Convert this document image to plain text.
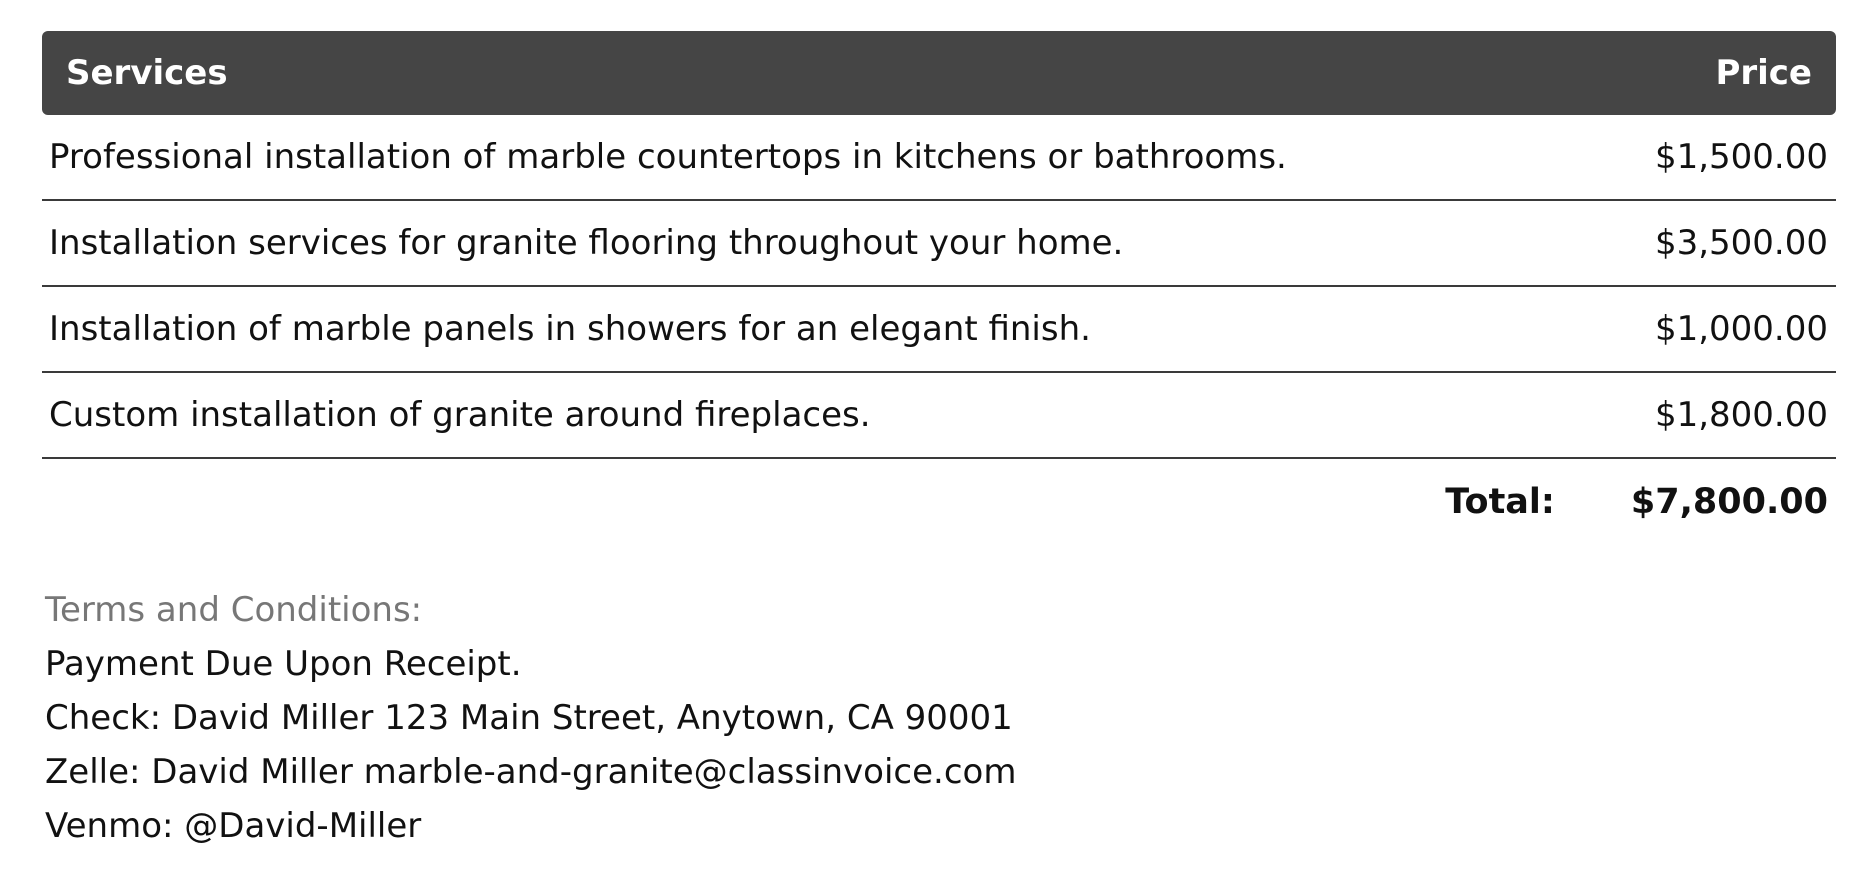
Services	Price
Professional installation of marble countertops in kitchens or bathrooms.	$1,500.00
Installation services for granite flooring throughout your home.	$3,500.00
Installation of marble panels in showers for an elegant finish.	$1,000.00
Custom installation of granite around fireplaces.	$1,800.00
Total: $7,800.00
Terms and Conditions:
Payment Due Upon Receipt.
Check: David Miller 123 Main Street, Anytown, CA 90001
Zelle: David Miller marble-and-granite@classinvoice.com
Venmo: @David-Miller
